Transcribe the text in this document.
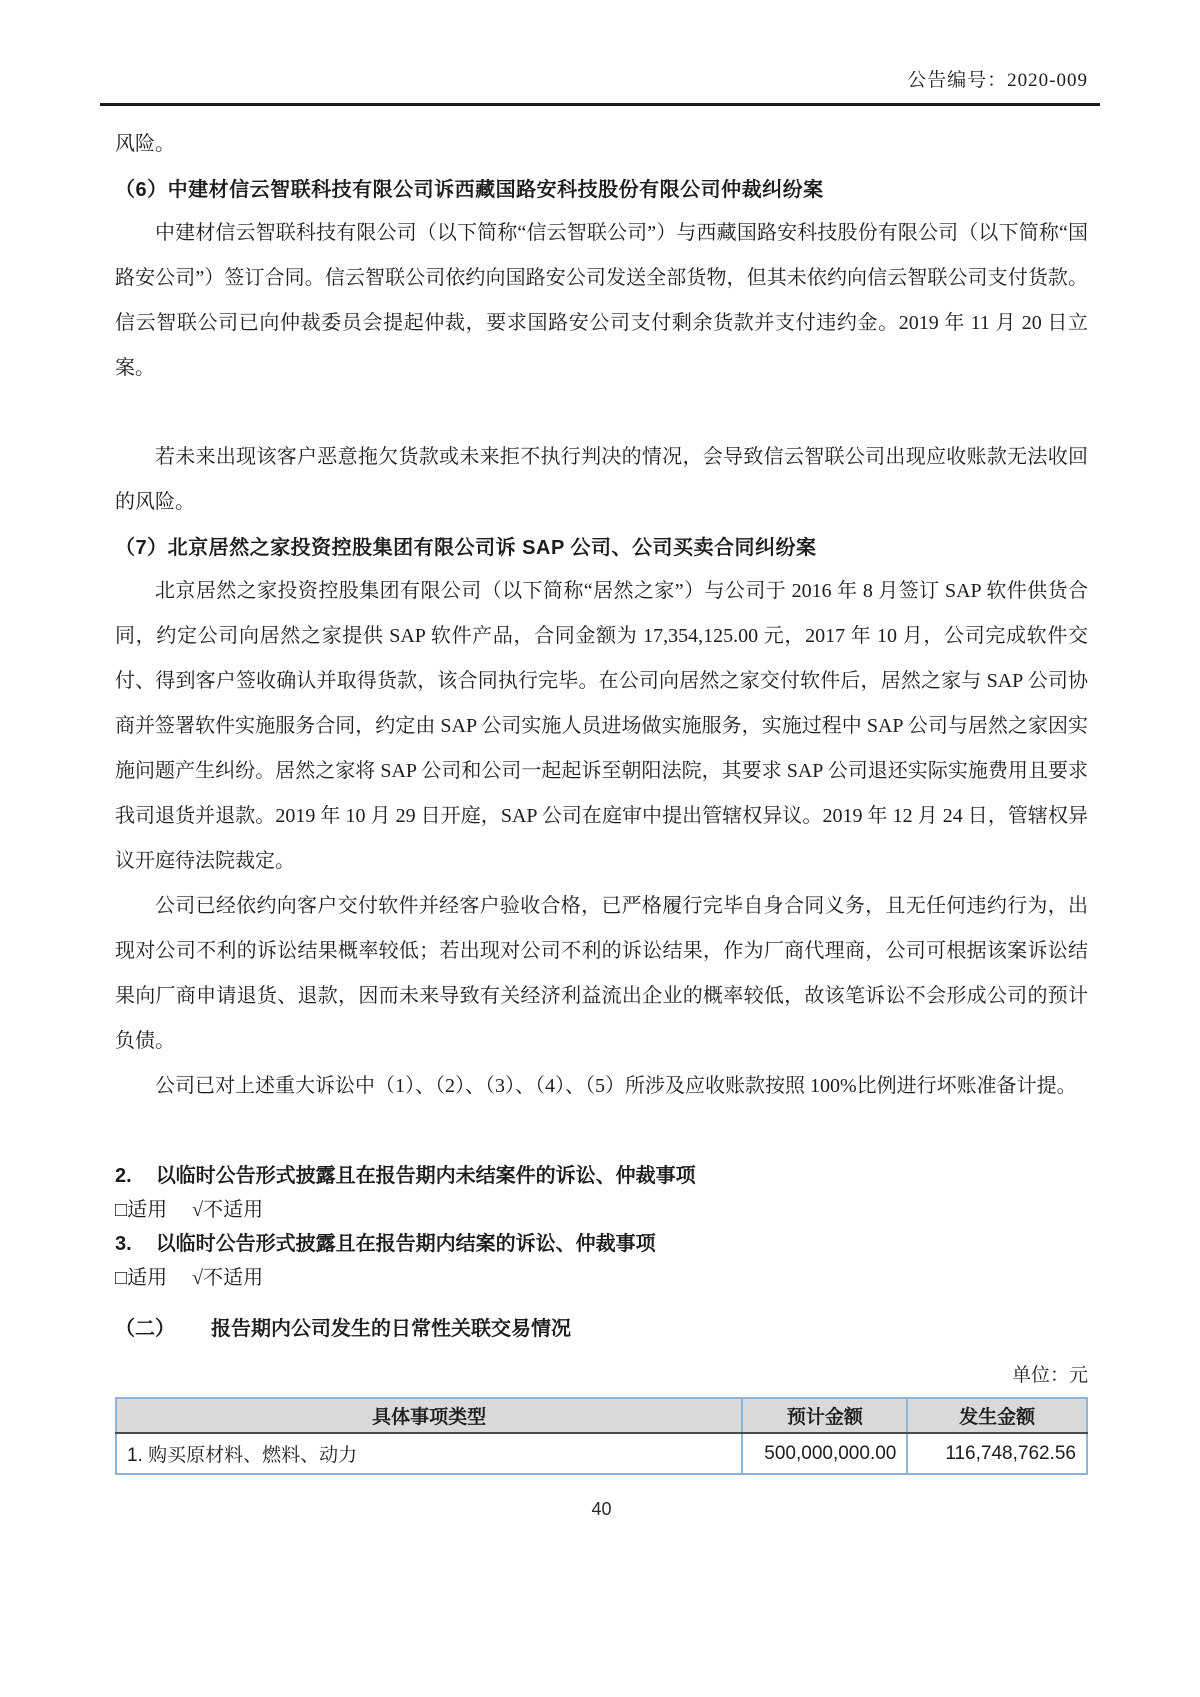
公告编号：2020-009

风险。

（6）中建材信云智联科技有限公司诉西藏国路安科技股份有限公司仲裁纠纷案

中建材信云智联科技有限公司（以下简称“信云智联公司”）与西藏国路安科技股份有限公司（以下简称“国路安公司”）签订合同。信云智联公司依约向国路安公司发送全部货物，但其未依约向信云智联公司支付货款。信云智联公司已向仲裁委员会提起仲裁，要求国路安公司支付剩余货款并支付违约金。2019 年 11 月 20 日立案。

若未来出现该客户恶意拖欠货款或未来拒不执行判决的情况，会导致信云智联公司出现应收账款无法收回的风险。

（7）北京居然之家投资控股集团有限公司诉 SAP 公司、公司买卖合同纠纷案

北京居然之家投资控股集团有限公司（以下简称“居然之家”）与公司于 2016 年 8 月签订 SAP 软件供货合同，约定公司向居然之家提供 SAP 软件产品，合同金额为 17,354,125.00 元，2017 年 10 月，公司完成软件交付、得到客户签收确认并取得货款，该合同执行完毕。在公司向居然之家交付软件后，居然之家与 SAP 公司协商并签署软件实施服务合同，约定由 SAP 公司实施人员进场做实施服务，实施过程中 SAP 公司与居然之家因实施问题产生纠纷。居然之家将 SAP 公司和公司一起起诉至朝阳法院，其要求 SAP 公司退还实际实施费用且要求我司退货并退款。2019 年 10 月 29 日开庭，SAP 公司在庭审中提出管辖权异议。2019 年 12 月 24 日，管辖权异议开庭待法院裁定。

公司已经依约向客户交付软件并经客户验收合格，已严格履行完毕自身合同义务，且无任何违约行为，出现对公司不利的诉讼结果概率较低；若出现对公司不利的诉讼结果，作为厂商代理商，公司可根据该案诉讼结果向厂商申请退货、退款，因而未来导致有关经济利益流出企业的概率较低，故该笔诉讼不会形成公司的预计负债。

公司已对上述重大诉讼中（1）、（2）、（3）、（4）、（5）所涉及应收账款按照 100%比例进行坏账准备计提。

2. 以临时公告形式披露且在报告期内未结案件的诉讼、仲裁事项
□适用 √不适用
3. 以临时公告形式披露且在报告期内结案的诉讼、仲裁事项
□适用 √不适用
（二） 报告期内公司发生的日常性关联交易情况
单位：元
具体事项类型	预计金额	发生金额
1. 购买原材料、燃料、动力	500,000,000.00	116,748,762.56
40
